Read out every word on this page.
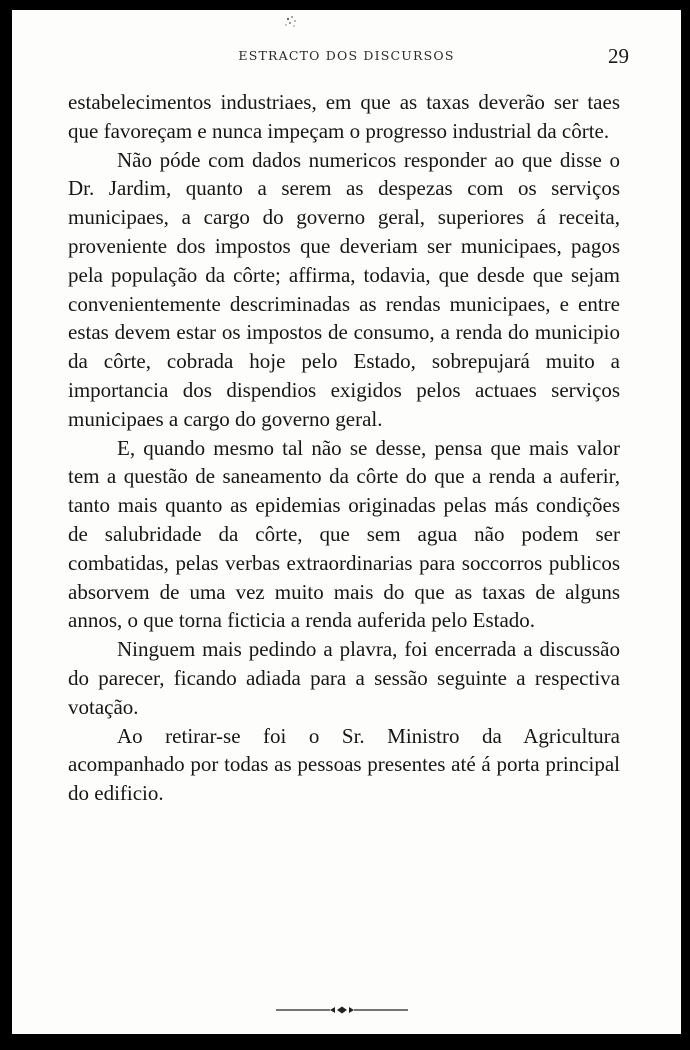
ESTRACTO DOS DISCURSOS	29

estabelecimentos industriaes, em que as taxas deverão ser taes que favoreçam e nunca impeçam o progresso industrial da côrte.

Não póde com dados numericos responder ao que disse o Dr. Jardim, quanto a serem as despezas com os serviços municipaes, a cargo do governo geral, superiores á receita, proveniente dos impostos que deveriam ser municipaes, pagos pela população da côrte; affirma, todavia, que desde que sejam convenientemente descriminadas as rendas municipaes, e entre estas devem estar os impostos de consumo, a renda do municipio da côrte, cobrada hoje pelo Estado, sobrepujará muito a importancia dos dispendios exigidos pelos actuaes serviços municipaes a cargo do governo geral.

E, quando mesmo tal não se desse, pensa que mais valor tem a questão de saneamento da côrte do que a renda a auferir, tanto mais quanto as epidemias originadas pelas más condições de salubridade da côrte, que sem agua não podem ser combatidas, pelas verbas extraordinarias para soccorros publicos absorvem de uma vez muito mais do que as taxas de alguns annos, o que torna ficticia a renda auferida pelo Estado.

Ninguem mais pedindo a plavra, foi encerrada a discussão do parecer, ficando adiada para a sessão seguinte a respectiva votação.

Ao retirar-se foi o Sr. Ministro da Agricultura acompanhado por todas as pessoas presentes até á porta principal do edificio.
